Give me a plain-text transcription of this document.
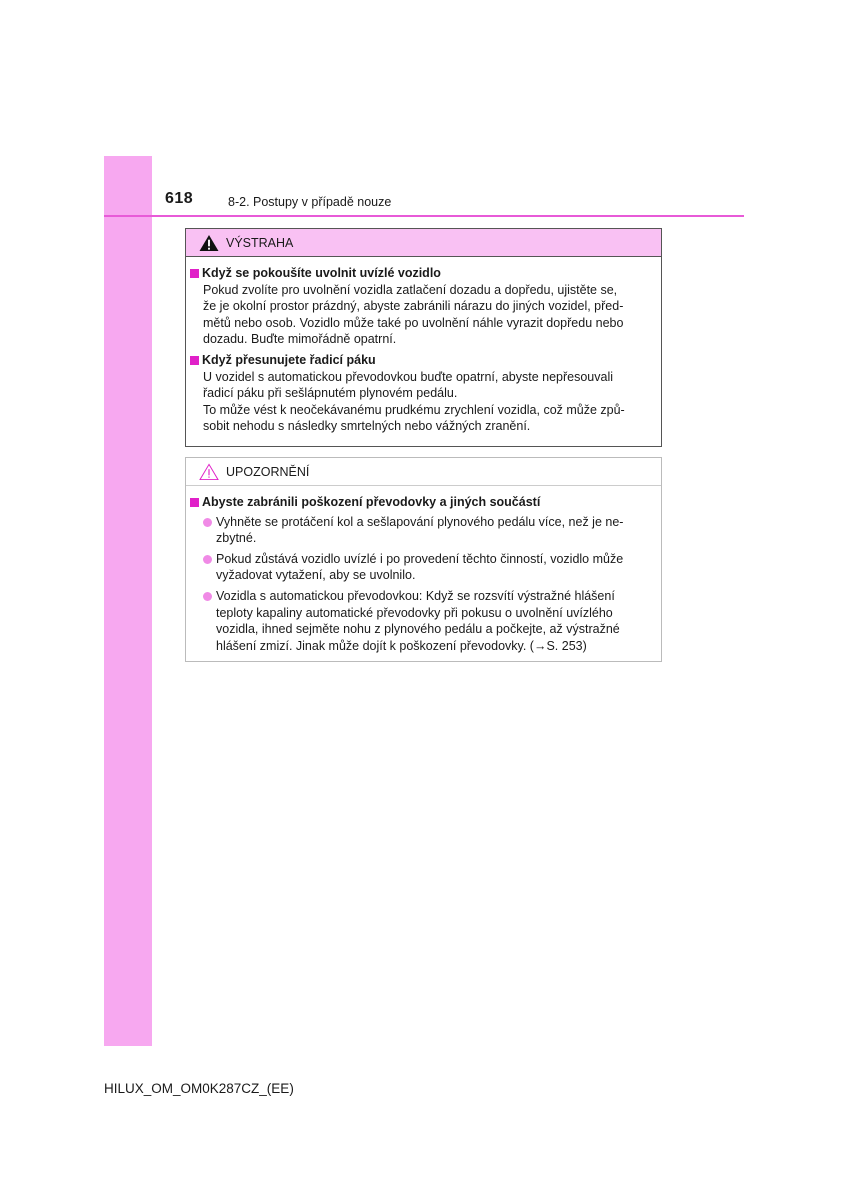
618	8-2. Postupy v případě nouze
VÝSTRAHA
Když se pokoušíte uvolnit uvízlé vozidlo
Pokud zvolíte pro uvolnění vozidla zatlačení dozadu a dopředu, ujistěte se,
že je okolní prostor prázdný, abyste zabránili nárazu do jiných vozidel, před-
mětů nebo osob. Vozidlo může také po uvolnění náhle vyrazit dopředu nebo
dozadu. Buďte mimořádně opatrní.
Když přesunujete řadicí páku
U vozidel s automatickou převodovkou buďte opatrní, abyste nepřesouvali
řadicí páku při sešlápnutém plynovém pedálu.
To může vést k neočekávanému prudkému zrychlení vozidla, což může způ-
sobit nehodu s následky smrtelných nebo vážných zranění.
UPOZORNĚNÍ
Abyste zabránili poškození převodovky a jiných součástí
Vyhněte se protáčení kol a sešlapování plynového pedálu více, než je ne-
zbytné.
Pokud zůstává vozidlo uvízlé i po provedení těchto činností, vozidlo může
vyžadovat vytažení, aby se uvolnilo.
Vozidla s automatickou převodovkou: Když se rozsvítí výstražné hlášení
teploty kapaliny automatické převodovky při pokusu o uvolnění uvízlého
vozidla, ihned sejměte nohu z plynového pedálu a počkejte, až výstražné
hlášení zmizí. Jinak může dojít k poškození převodovky. (→S. 253)
HILUX_OM_OM0K287CZ_(EE)
